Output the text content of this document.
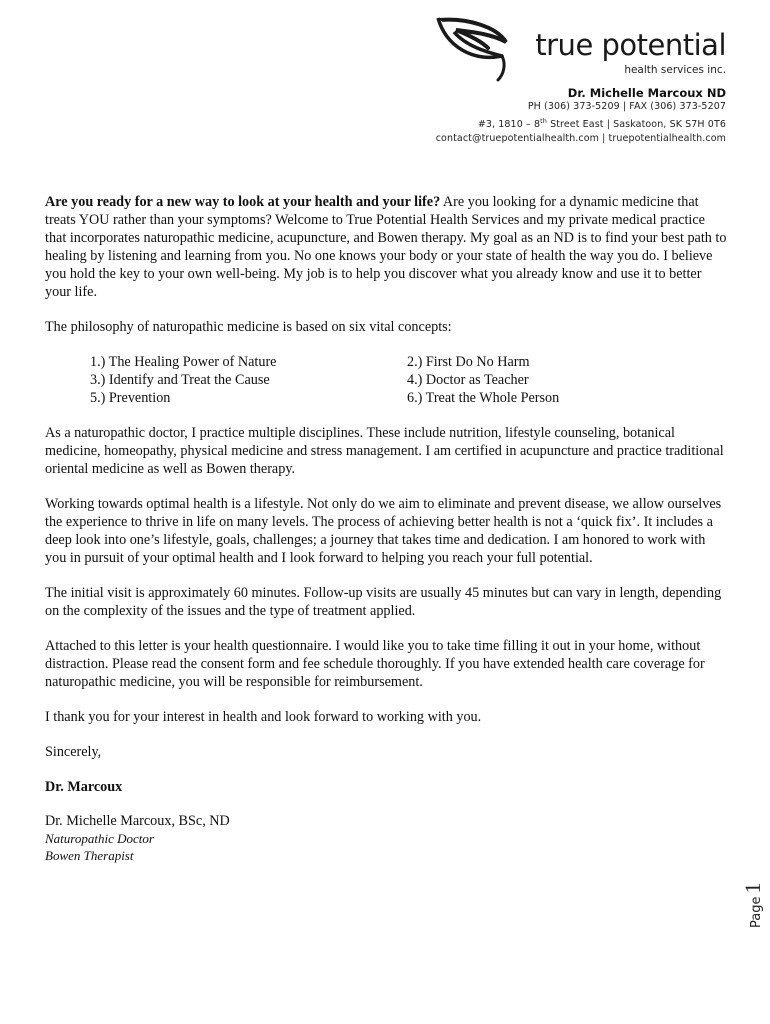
true potential
health services inc.
Dr. Michelle Marcoux ND
PH (306) 373-5209 | FAX (306) 373-5207
#3, 1810 – 8th Street East | Saskatoon, SK S7H 0T6
contact@truepotentialhealth.com | truepotentialhealth.com

Are you ready for a new way to look at your health and your life? Are you looking for a dynamic medicine that treats YOU rather than your symptoms? Welcome to True Potential Health Services and my private medical practice that incorporates naturopathic medicine, acupuncture, and Bowen therapy. My goal as an ND is to find your best path to healing by listening and learning from you. No one knows your body or your state of health the way you do. I believe you hold the key to your own well-being. My job is to help you discover what you already know and use it to better your life.

The philosophy of naturopathic medicine is based on six vital concepts:

1.) The Healing Power of Nature	2.) First Do No Harm
3.) Identify and Treat the Cause	4.) Doctor as Teacher
5.) Prevention	6.) Treat the Whole Person

As a naturopathic doctor, I practice multiple disciplines. These include nutrition, lifestyle counseling, botanical medicine, homeopathy, physical medicine and stress management. I am certified in acupuncture and practice traditional oriental medicine as well as Bowen therapy.

Working towards optimal health is a lifestyle. Not only do we aim to eliminate and prevent disease, we allow ourselves the experience to thrive in life on many levels. The process of achieving better health is not a ‘quick fix’. It includes a deep look into one’s lifestyle, goals, challenges; a journey that takes time and dedication. I am honored to work with you in pursuit of your optimal health and I look forward to helping you reach your full potential.

The initial visit is approximately 60 minutes. Follow-up visits are usually 45 minutes but can vary in length, depending on the complexity of the issues and the type of treatment applied.

Attached to this letter is your health questionnaire. I would like you to take time filling it out in your home, without distraction. Please read the consent form and fee schedule thoroughly. If you have extended health care coverage for naturopathic medicine, you will be responsible for reimbursement.

I thank you for your interest in health and look forward to working with you.

Sincerely,

Dr. Marcoux

Dr. Michelle Marcoux, BSc, ND
Naturopathic Doctor
Bowen Therapist
Page1
